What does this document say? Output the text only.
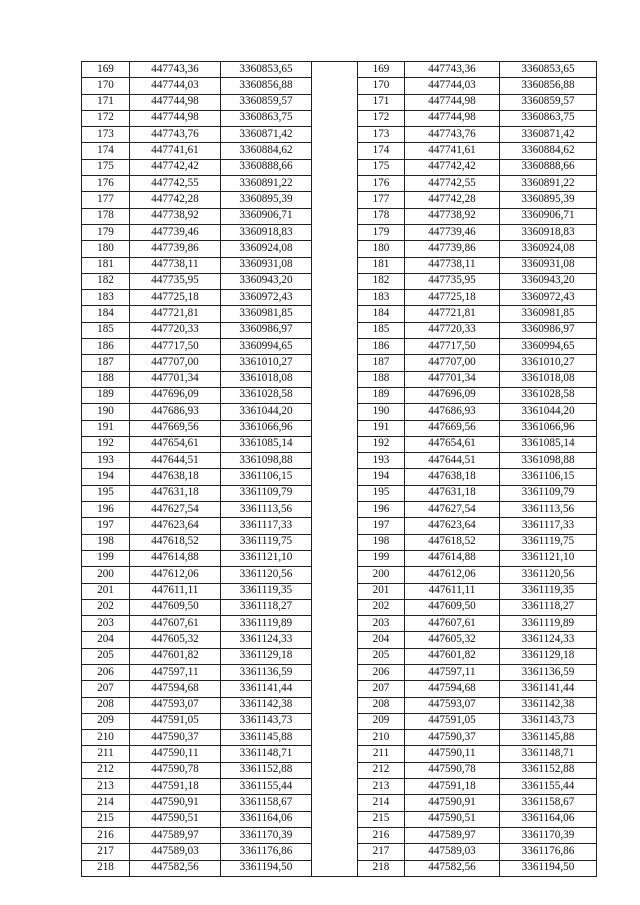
169	447743,36	3360853,65		169	447743,36	3360853,65
170	447744,03	3360856,88		170	447744,03	3360856,88
171	447744,98	3360859,57		171	447744,98	3360859,57
172	447744,98	3360863,75		172	447744,98	3360863,75
173	447743,76	3360871,42		173	447743,76	3360871,42
174	447741,61	3360884,62		174	447741,61	3360884,62
175	447742,42	3360888,66		175	447742,42	3360888,66
176	447742,55	3360891,22		176	447742,55	3360891,22
177	447742,28	3360895,39		177	447742,28	3360895,39
178	447738,92	3360906,71		178	447738,92	3360906,71
179	447739,46	3360918,83		179	447739,46	3360918,83
180	447739,86	3360924,08		180	447739,86	3360924,08
181	447738,11	3360931,08		181	447738,11	3360931,08
182	447735,95	3360943,20		182	447735,95	3360943,20
183	447725,18	3360972,43		183	447725,18	3360972,43
184	447721,81	3360981,85		184	447721,81	3360981,85
185	447720,33	3360986,97		185	447720,33	3360986,97
186	447717,50	3360994,65		186	447717,50	3360994,65
187	447707,00	3361010,27		187	447707,00	3361010,27
188	447701,34	3361018,08		188	447701,34	3361018,08
189	447696,09	3361028,58		189	447696,09	3361028,58
190	447686,93	3361044,20		190	447686,93	3361044,20
191	447669,56	3361066,96		191	447669,56	3361066,96
192	447654,61	3361085,14		192	447654,61	3361085,14
193	447644,51	3361098,88		193	447644,51	3361098,88
194	447638,18	3361106,15		194	447638,18	3361106,15
195	447631,18	3361109,79		195	447631,18	3361109,79
196	447627,54	3361113,56		196	447627,54	3361113,56
197	447623,64	3361117,33		197	447623,64	3361117,33
198	447618,52	3361119,75		198	447618,52	3361119,75
199	447614,88	3361121,10		199	447614,88	3361121,10
200	447612,06	3361120,56		200	447612,06	3361120,56
201	447611,11	3361119,35		201	447611,11	3361119,35
202	447609,50	3361118,27		202	447609,50	3361118,27
203	447607,61	3361119,89		203	447607,61	3361119,89
204	447605,32	3361124,33		204	447605,32	3361124,33
205	447601,82	3361129,18		205	447601,82	3361129,18
206	447597,11	3361136,59		206	447597,11	3361136,59
207	447594,68	3361141,44		207	447594,68	3361141,44
208	447593,07	3361142,38		208	447593,07	3361142,38
209	447591,05	3361143,73		209	447591,05	3361143,73
210	447590,37	3361145,88		210	447590,37	3361145,88
211	447590,11	3361148,71		211	447590,11	3361148,71
212	447590,78	3361152,88		212	447590,78	3361152,88
213	447591,18	3361155,44		213	447591,18	3361155,44
214	447590,91	3361158,67		214	447590,91	3361158,67
215	447590,51	3361164,06		215	447590,51	3361164,06
216	447589,97	3361170,39		216	447589,97	3361170,39
217	447589,03	3361176,86		217	447589,03	3361176,86
218	447582,56	3361194,50		218	447582,56	3361194,50
